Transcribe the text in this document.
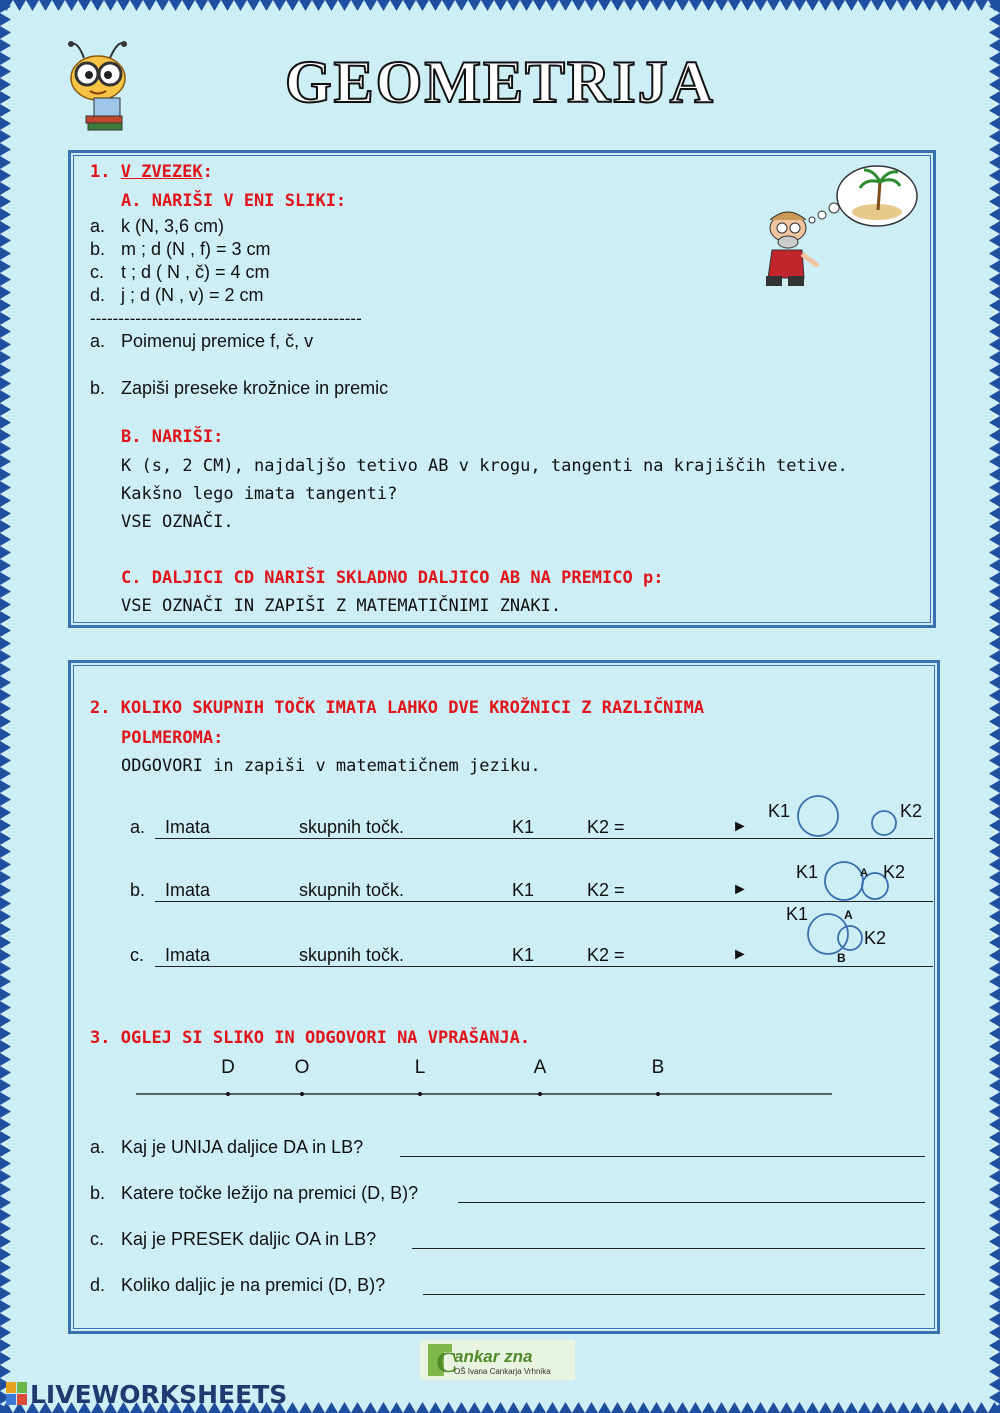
GEOMETRIJA
1. V ZVEZEK:
A. NARIŠI V ENI SLIKI:
a. k (N, 3,6 cm)
b. m ; d (N , f) = 3 cm
c. t ; d ( N , č) = 4 cm
d. j ; d (N , v) = 2 cm
------------------------------------------------
a. Poimenuj premice f, č, v
b. Zapiši preseke krožnice in premic
B. NARIŠI:
K (s, 2 CM), najdaljšo tetivo AB v krogu, tangenti na krajiščih tetive.
Kakšno lego imata tangenti?
VSE OZNAČI.
C. DALJICI CD NARIŠI SKLADNO DALJICO AB NA PREMICO p:
VSE OZNAČI IN ZAPIŠI Z MATEMATIČNIMI ZNAKI.
2. KOLIKO SKUPNIH TOČK IMATA LAHKO DVE KROŽNICI Z RAZLIČNIMA
POLMEROMA:
ODGOVORI in zapiši v matematičnem jeziku.
a. Imata	skupnih točk.	K1	K2 =	►
b. Imata	skupnih točk.	K1	K2 =	►
c. Imata	skupnih točk.	K1	K2 =	►
K1	K2
K1	K2
A
K1
K2
A
B
3. OGLEJ SI SLIKO IN ODGOVORI NA VPRAŠANJA.
D	O	L	A	B
a. Kaj je UNIJA daljice DA in LB?
b. Katere točke ležijo na premici (D, B)?
c. Kaj je PRESEK daljic OA in LB?
d. Koliko daljic je na premici (D, B)?
C
ankar zna
OŠ Ivana Cankarja Vrhnika
LIVEWORKSHEETS
